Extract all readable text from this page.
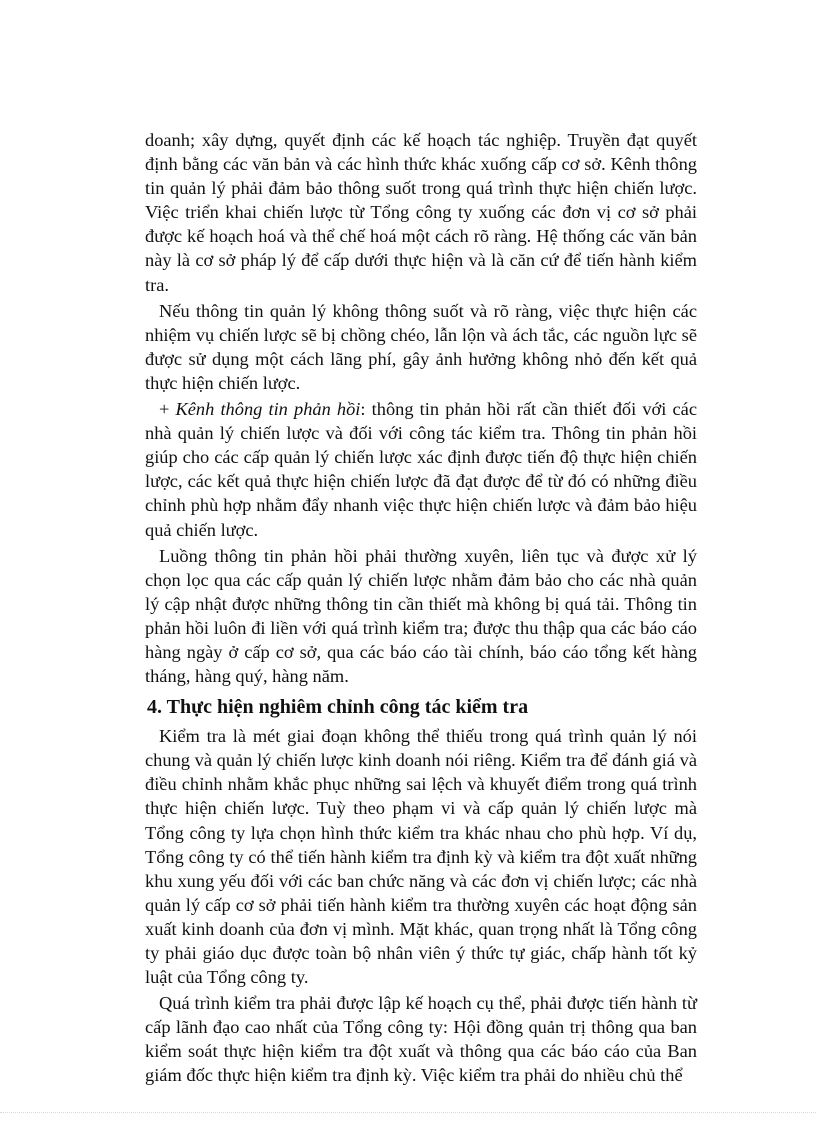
doanh; xây dựng, quyết định các kế hoạch tác nghiệp. Truyền đạt quyết định bằng các văn bản và các hình thức khác xuống cấp cơ sở. Kênh thông tin quản lý phải đảm bảo thông suốt trong quá trình thực hiện chiến lược. Việc triển khai chiến lược từ Tổng công ty xuống các đơn vị cơ sở phải được kế hoạch hoá và thể chế hoá một cách rõ ràng. Hệ thống các văn bản này là cơ sở pháp lý để cấp dưới thực hiện và là căn cứ để tiến hành kiểm tra.

Nếu thông tin quản lý không thông suốt và rõ ràng, việc thực hiện các nhiệm vụ chiến lược sẽ bị chồng chéo, lẫn lộn và ách tắc, các nguồn lực sẽ được sử dụng một cách lãng phí, gây ảnh hưởng không nhỏ đến kết quả thực hiện chiến lược.

+ Kênh thông tin phản hồi: thông tin phản hồi rất cần thiết đối với các nhà quản lý chiến lược và đối với công tác kiểm tra. Thông tin phản hồi giúp cho các cấp quản lý chiến lược xác định được tiến độ thực hiện chiến lược, các kết quả thực hiện chiến lược đã đạt được để từ đó có những điều chỉnh phù hợp nhằm đẩy nhanh việc thực hiện chiến lược và đảm bảo hiệu quả chiến lược.

Luồng thông tin phản hồi phải thường xuyên, liên tục và được xử lý chọn lọc qua các cấp quản lý chiến lược nhằm đảm bảo cho các nhà quản lý cập nhật được những thông tin cần thiết mà không bị quá tải. Thông tin phản hồi luôn đi liền với quá trình kiểm tra; được thu thập qua các báo cáo hàng ngày ở cấp cơ sở, qua các báo cáo tài chính, báo cáo tổng kết hàng tháng, hàng quý, hàng năm.

4. Thực hiện nghiêm chỉnh công tác kiểm tra

Kiểm tra là mét giai đoạn không thể thiếu trong quá trình quản lý nói chung và quản lý chiến lược kinh doanh nói riêng. Kiểm tra để đánh giá và điều chỉnh nhằm khắc phục những sai lệch và khuyết điểm trong quá trình thực hiện chiến lược. Tuỳ theo phạm vi và cấp quản lý chiến lược mà Tổng công ty lựa chọn hình thức kiểm tra khác nhau cho phù hợp. Ví dụ, Tổng công ty có thể tiến hành kiểm tra định kỳ và kiểm tra đột xuất những khu xung yếu đối với các ban chức năng và các đơn vị chiến lược; các nhà quản lý cấp cơ sở phải tiến hành kiểm tra thường xuyên các hoạt động sản xuất kinh doanh của đơn vị mình. Mặt khác, quan trọng nhất là Tổng công ty phải giáo dục được toàn bộ nhân viên ý thức tự giác, chấp hành tốt kỷ luật của Tổng công ty.

Quá trình kiểm tra phải được lập kế hoạch cụ thể, phải được tiến hành từ cấp lãnh đạo cao nhất của Tổng công ty: Hội đồng quản trị thông qua ban kiểm soát thực hiện kiểm tra đột xuất và thông qua các báo cáo của Ban giám đốc thực hiện kiểm tra định kỳ. Việc kiểm tra phải do nhiều chủ thể
